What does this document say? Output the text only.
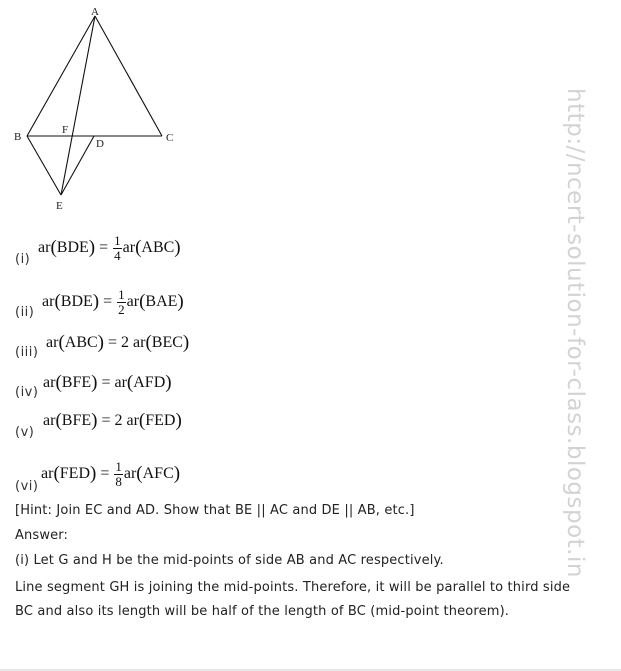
A
B	C
D
E
F
(i)
$ar(BDE) = \frac{1}{4} ar(ABC)$
(ii)
$ar(BDE) = \frac{1}{2} ar(BAE)$
(iii)
ar(ABC) = 2 ar(BEC)
(iv)
ar(BFE) = ar(AFD)
(v)
ar(BFE) = 2 ar(FED)
(vi)
$ar(FED) = \frac{1}{8} ar(AFC)$
[Hint: Join EC and AD. Show that BE || AC and DE || AB, etc.]
Answer:
(i) Let G and H be the mid-points of side AB and AC respectively.
Line segment GH is joining the mid-points. Therefore, it will be parallel to third side
BC and also its length will be half of the length of BC (mid-point theorem).
http://ncert-solution-for-class.blogspot.in
